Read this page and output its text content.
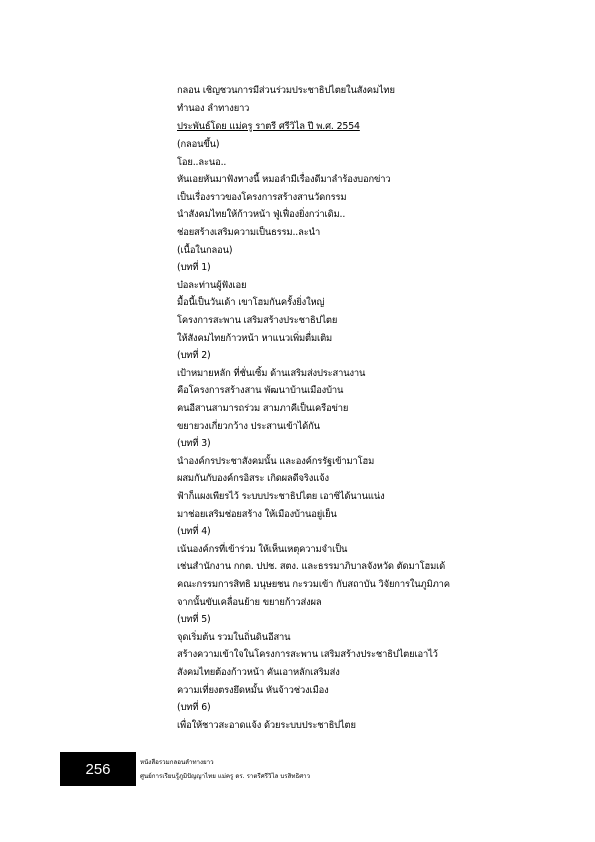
กลอน เชิญชวนการมีส่วนร่วมประชาธิปไตยในสังคมไทย
ทำนอง ลำทางยาว
ประพันธ์โดย แม่ครู ราตรี ศรีวิไล ปี พ.ศ. 2554
(กลอนขึ้น)
โอย..ละนอ..
หันเอยหันมาฟังทางนี้ หมอลำมีเรื่องดีมาลำร้องบอกข่าว
เป็นเรื่องราวของโครงการสร้างสานวัดกรรม
นำสังคมไทยให้ก้าวหน้า ฟู่เฟื่องยิ่งกว่าเดิม..
ช่อยสร้างเสริมความเป็นธรรม..ละนำ
(เนื้อในกลอน)
(บทที่ 1)
บ๋อละท่านผู้ฟังเอย
มื้อนี้เป็นวันเด้า เขาโฮมกันครั้งยิ่งใหญ่
โครงการสะพาน เสริมสร้างประชาธิปไตย
ให้สังคมไทยก้าวหน้า หาแนวเพิ่มตื่มเติม
(บทที่ 2)
เป้าหมายหลัก ที่ชั่นเซิ้ม ด้านเสริมส่งประสานงาน
คือโครงการสร้างสาน พัฒนาบ้านเมืองบ้าน
คนอีสานสามารถร่วม สามภาคีเป็นเครือข่าย
ขยายวงเกี่ยวกว้าง ประสานเข้าได้กัน
(บทที่ 3)
นำองค์กรประชาสังคมนั้น และองค์กรรัฐเข้ามาโฮม
ผสมกันกับองค์กรอิสระ เกิดผลดีจริงแจ้ง
ฟ้าก็แผงเพียรไว้ ระบบประชาธิปไตย เอาซิได้นานแน่ง
มาช่อยเสริมช่อยสร้าง ให้เมืองบ้านอยู่เย็น
(บทที่ 4)
เน้นองค์กรที่เข้าร่วม ให้เห็นเหตุความจำเป็น
เช่นสำนักงาน กกต. ปปช. สตง. และธรรมาภิบาลจังหวัด ตัดมาโฮมเด้
คณะกรรมการสิทธิ มนุษยชน กะรวมเข้า กับสถาบัน วิจัยการในภูมิภาค
จากนั้นขับเคลื่อนย้าย ขยายก้าวส่งผล
(บทที่ 5)
จุดเริ่มต้น รวมในถิ่นดินอีสาน
สร้างความเข้าใจในโครงการสะพาน เสริมสร้างประชาธิปไตยเอาไว้
สังคมไทยต้องก้าวหน้า คันเอาหลักเสริมส่ง
ความเที่ยงตรงยึดหมั้น หันจ้าวช่วงเมือง
(บทที่ 6)
เพื่อให้ชาวสะอาดแจ้ง ด้วยระบบประชาธิปไตย
256	หนังสือรวมกลอนลำทางยาว
ศูนย์การเรียนรู้ภูมิปัญญาไทย แม่ครู ดร. ราตรีศรีวิไล บรสิทธิศาว
